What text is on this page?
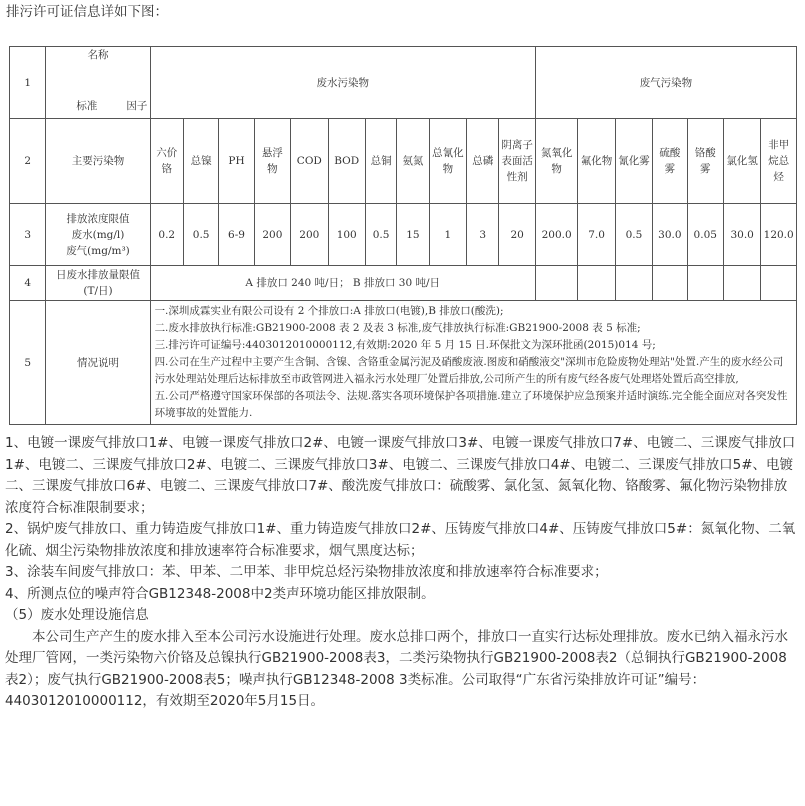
排污许可证信息详如下图：
1	名称
标准 因子	废水污染物											废气污染物						
2	主要污染物	六价铬	总镍	PH	悬浮物	COD	BOD	总铜	氨氮	总氰化物	总磷	阴离子表面活性剂	氮氧化物	氟化物	氰化雾	硫酸雾	铬酸雾	氯化氢	非甲烷总烃
3	排放浓度限值
废水(mg/l)
废气(mg/m³)	0.2	0.5	6-9	200	200	100	0.5	15	1	3	20	200.0	7.0	0.5	30.0	0.05	30.0	120.0
4	日废水排放量限值
(T/日)	A 排放口 240 吨/日； B 排放口 30 吨/日																	
5	情况说明	一.深圳成霖实业有限公司设有 2 个排放口:A 排放口(电镀),B 排放口(酸洗);
二.废水排放执行标准:GB21900-2008 表 2 及表 3 标准,废气排放执行标准:GB21900-2008 表 5 标准;
三.排污许可证编号:4403012010000112,有效期:2020 年 5 月 15 日.环保批文为深环批函(2015)014 号;
四.公司在生产过程中主要产生含铜、含镍、含铬重金属污泥及硝酸废液.图废和硝酸液交"深圳市危险废物处理站"处置.产生的废水经公司污水处理站处理后达标排放至市政管网进入福永污水处理厂处置后排放,公司所产生的所有废气经各废气处理塔处置后高空排放,
五.公司严格遵守国家环保部的各项法令、法规.落实各项环境保护各项措施.建立了环境保护应急预案并适时演练.完全能全面应对各突发性环境事故的处置能力.																	

1、电镀一课废气排放口1#、电镀一课废气排放口2#、电镀一课废气排放口3#、电镀一课废气排放口7#、电镀二、三课废气排放口1#、电镀二、三课废气排放口2#、电镀二、三课废气排放口3#、电镀二、三课废气排放口4#、电镀二、三课废气排放口5#、电镀二、三课废气排放口6#、电镀二、三课废气排放口7#、酸洗废气排放口：硫酸雾、氯化氢、氮氧化物、铬酸雾、氟化物污染物排放浓度符合标准限制要求；

2、锅炉废气排放口、重力铸造废气排放口1#、重力铸造废气排放口2#、压铸废气排放口4#、压铸废气排放口5#：氮氧化物、二氧化硫、烟尘污染物排放浓度和排放速率符合标准要求，烟气黑度达标；

3、涂装车间废气排放口：苯、甲苯、二甲苯、非甲烷总烃污染物排放浓度和排放速率符合标准要求；

4、所测点位的噪声符合GB12348-2008中2类声环境功能区排放限制。

（5）废水处理设施信息

本公司生产产生的废水排入至本公司污水设施进行处理。废水总排口两个，排放口一直实行达标处理排放。废水已纳入福永污水处理厂管网，一类污染物六价铬及总镍执行GB21900-2008表3，二类污染物执行GB21900-2008表2（总铜执行GB21900-2008表2）；废气执行GB21900-2008表5；噪声执行GB12348-2008 3类标准。公司取得“广东省污染排放许可证”编号：4403012010000112，有效期至2020年5月15日。
